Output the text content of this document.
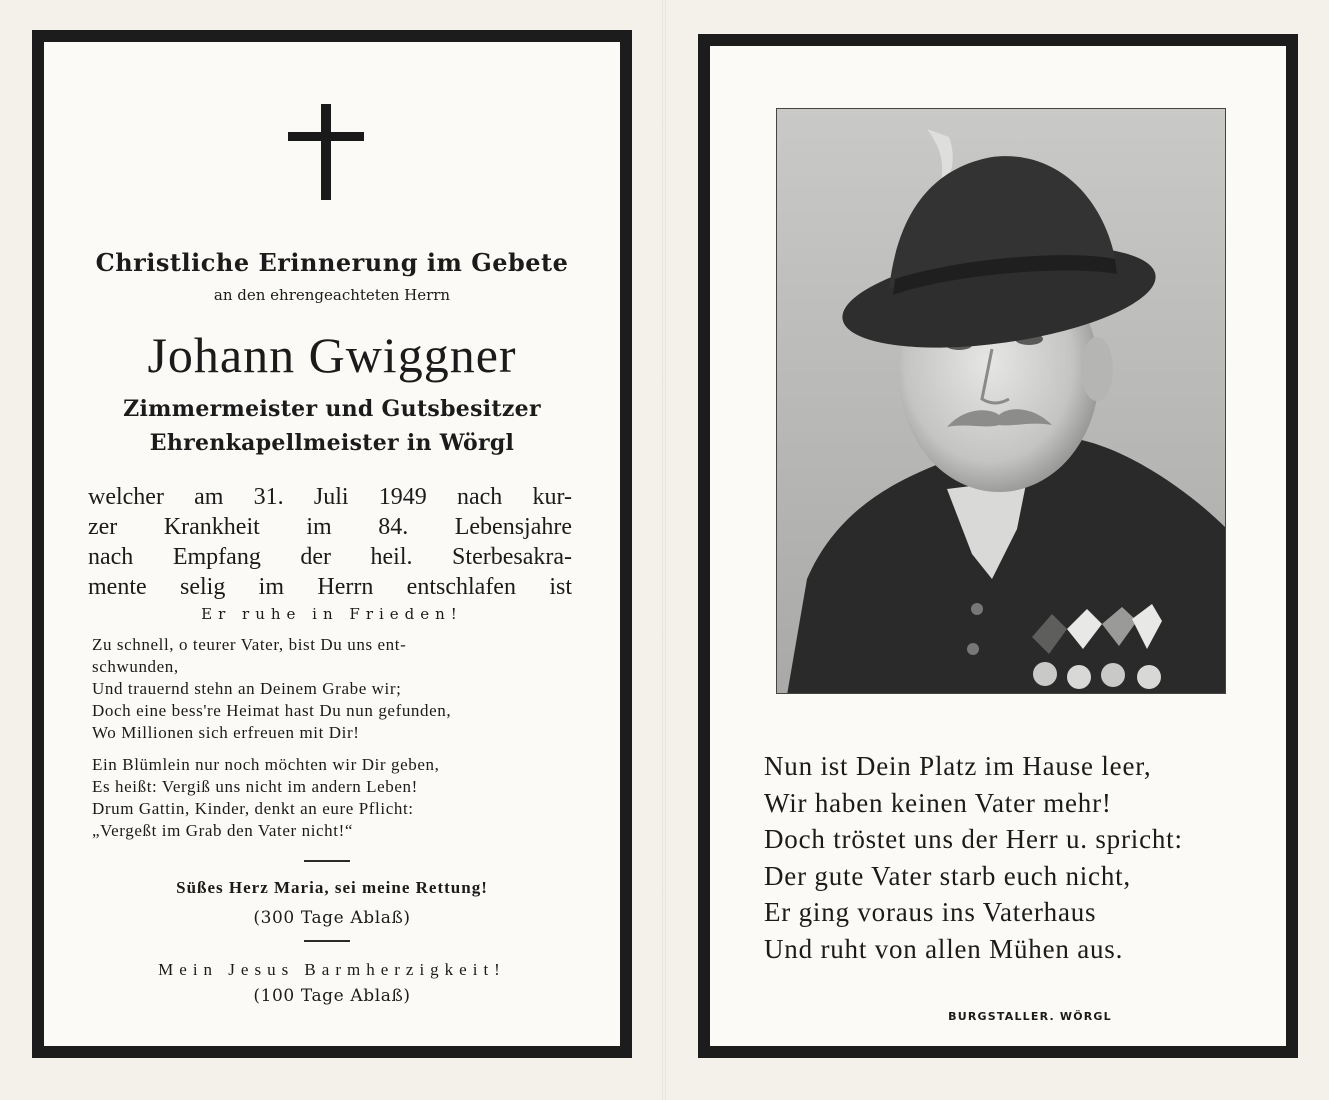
Christliche Erinnerung im Gebete
an den ehrengeachteten Herrn
Johann Gwiggner
Zimmermeister und Gutsbesitzer
Ehrenkapellmeister in Wörgl
welcher am 31. Juli 1949 nach kur-
zer Krankheit im 84. Lebensjahre
nach Empfang der heil. Sterbesakra-
mente selig im Herrn entschlafen ist
Er ruhe in Frieden!
Zu schnell, o teurer Vater, bist Du uns ent-
schwunden,
Und trauernd stehn an Deinem Grabe wir;
Doch eine bess're Heimat hast Du nun gefunden,
Wo Millionen sich erfreuen mit Dir!
Ein Blümlein nur noch möchten wir Dir geben,
Es heißt: Vergiß uns nicht im andern Leben!
Drum Gattin, Kinder, denkt an eure Pflicht:
„Vergeßt im Grab den Vater nicht!“
Süßes Herz Maria, sei meine Rettung!
(300 Tage Ablaß)
Mein Jesus Barmherzigkeit!
(100 Tage Ablaß)
Nun ist Dein Platz im Hause leer,
Wir haben keinen Vater mehr!
Doch tröstet uns der Herr u. spricht:
Der gute Vater starb euch nicht,
Er ging voraus ins Vaterhaus
Und ruht von allen Mühen aus.
BURGSTALLER. WÖRGL
